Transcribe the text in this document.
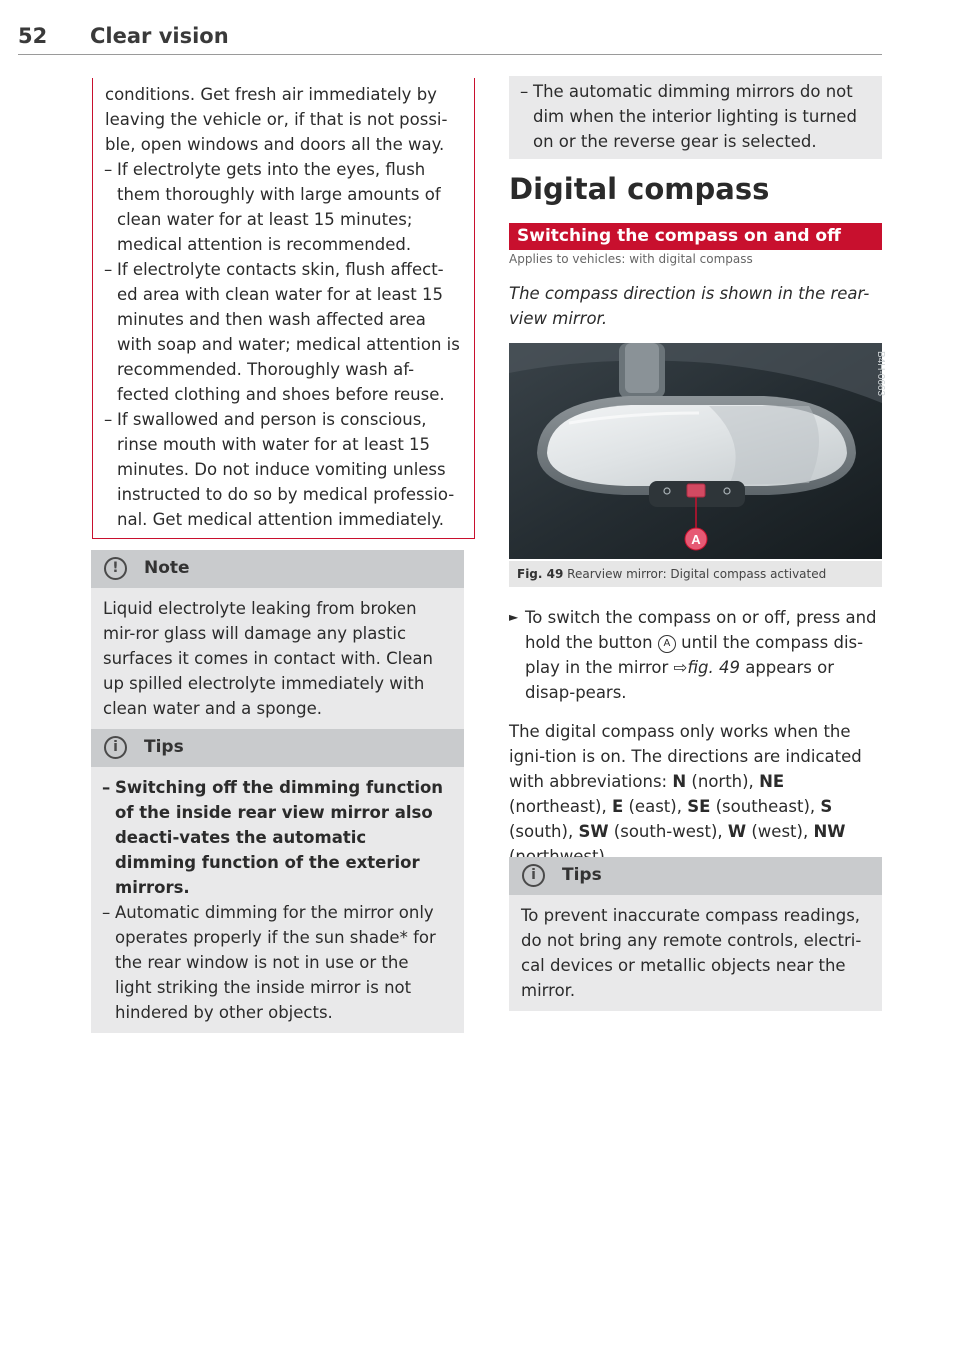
52 Clear vision

conditions. Get fresh air immediately by leaving the vehicle or, if that is not possi-ble, open windows and doors all the way.

– If electrolyte gets into the eyes, flush them thoroughly with large amounts of clean water for at least 15 minutes; medical attention is recommended.

– If electrolyte contacts skin, flush affect-ed area with clean water for at least 15 minutes and then wash affected area with soap and water; medical attention is recommended. Thoroughly wash af-fected clothing and shoes before reuse.

– If swallowed and person is conscious, rinse mouth with water for at least 15 minutes. Do not induce vomiting unless instructed to do so by medical professio-nal. Get medical attention immediately.

!	Note

Liquid electrolyte leaking from broken mir-ror glass will damage any plastic surfaces it comes in contact with. Clean up spilled electrolyte immediately with clean water and a sponge.

i	Tips

– Switching off the dimming function of the inside rear view mirror also deacti-vates the automatic dimming function of the exterior mirrors.

– Automatic dimming for the mirror only operates properly if the sun shade* for the rear window is not in use or the light striking the inside mirror is not hindered by other objects.

– The automatic dimming mirrors do not dim when the interior lighting is turned on or the reverse gear is selected.

Digital compass
Switching the compass on and off
Applies to vehicles: with digital compass

The compass direction is shown in the rear-view mirror.

A
B4H-0663
Fig. 49 Rearview mirror: Digital compass activated

► To switch the compass on or off, press and hold the button A until the compass dis-play in the mirror ⇨fig. 49 appears or disap-pears.

The digital compass only works when the igni-tion is on. The directions are indicated with abbreviations: N (north), NE (northeast), E (east), SE (southeast), S (south), SW (south-west), W (west), NW

i	Tips

To prevent inaccurate compass readings, do not bring any remote controls, electri-cal devices or metallic objects near the mirror.
